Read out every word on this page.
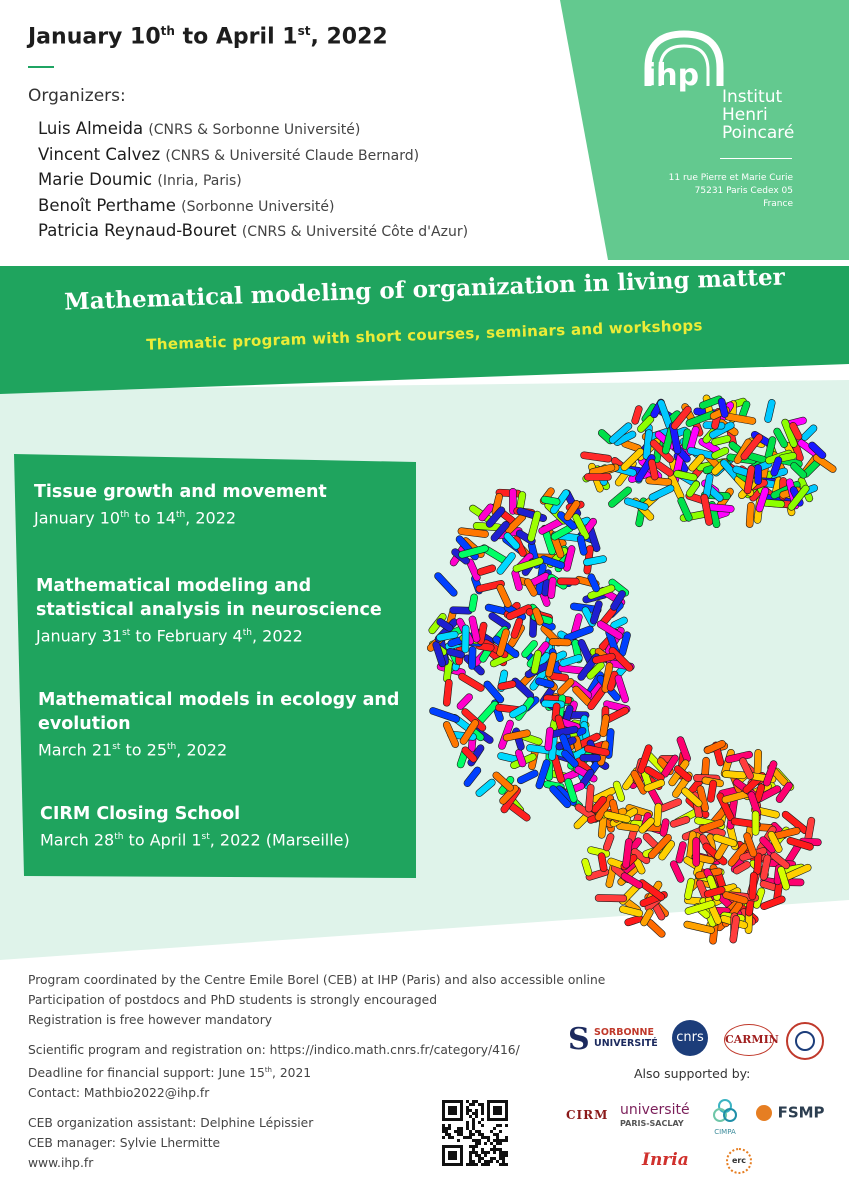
ihp
Institut
Henri
Poincaré
11 rue Pierre et Marie Curie
75231 Paris Cedex 05
France
January 10th to April 1st, 2022
Organizers:
Luis Almeida (CNRS & Sorbonne Université)
Vincent Calvez (CNRS & Université Claude Bernard)
Marie Doumic (Inria, Paris)
Benoît Perthame (Sorbonne Université)
Patricia Reynaud-Bouret (CNRS & Université Côte d'Azur)
Mathematical modeling of organization in living matter
Thematic program with short courses, seminars and workshops
Tissue growth and movement
January 10th to 14th, 2022
Mathematical modeling and
statistical analysis in neuroscience
January 31st to February 4th, 2022
Mathematical models in ecology and
evolution
March 21st to 25th, 2022
CIRM Closing School
March 28th to April 1st, 2022 (Marseille)

Program coordinated by the Centre Emile Borel (CEB) at IHP (Paris) and also accessible online

Participation of postdocs and PhD students is strongly encouraged

Registration is free however mandatory

Scientific program and registration on: https://indico.math.cnrs.fr/category/416/

Deadline for financial support: June 15th, 2021

Contact: Mathbio2022@ihp.fr

CEB organization assistant: Delphine Lépissier

CEB manager: Sylvie Lhermitte

www.ihp.fr

S SORBONNE
UNIVERSITÉ	cnrs	CARMIN
Also supported by:
CIRM université
PARIS-SACLAY
CIMPA
FSMP
Inria	erc
